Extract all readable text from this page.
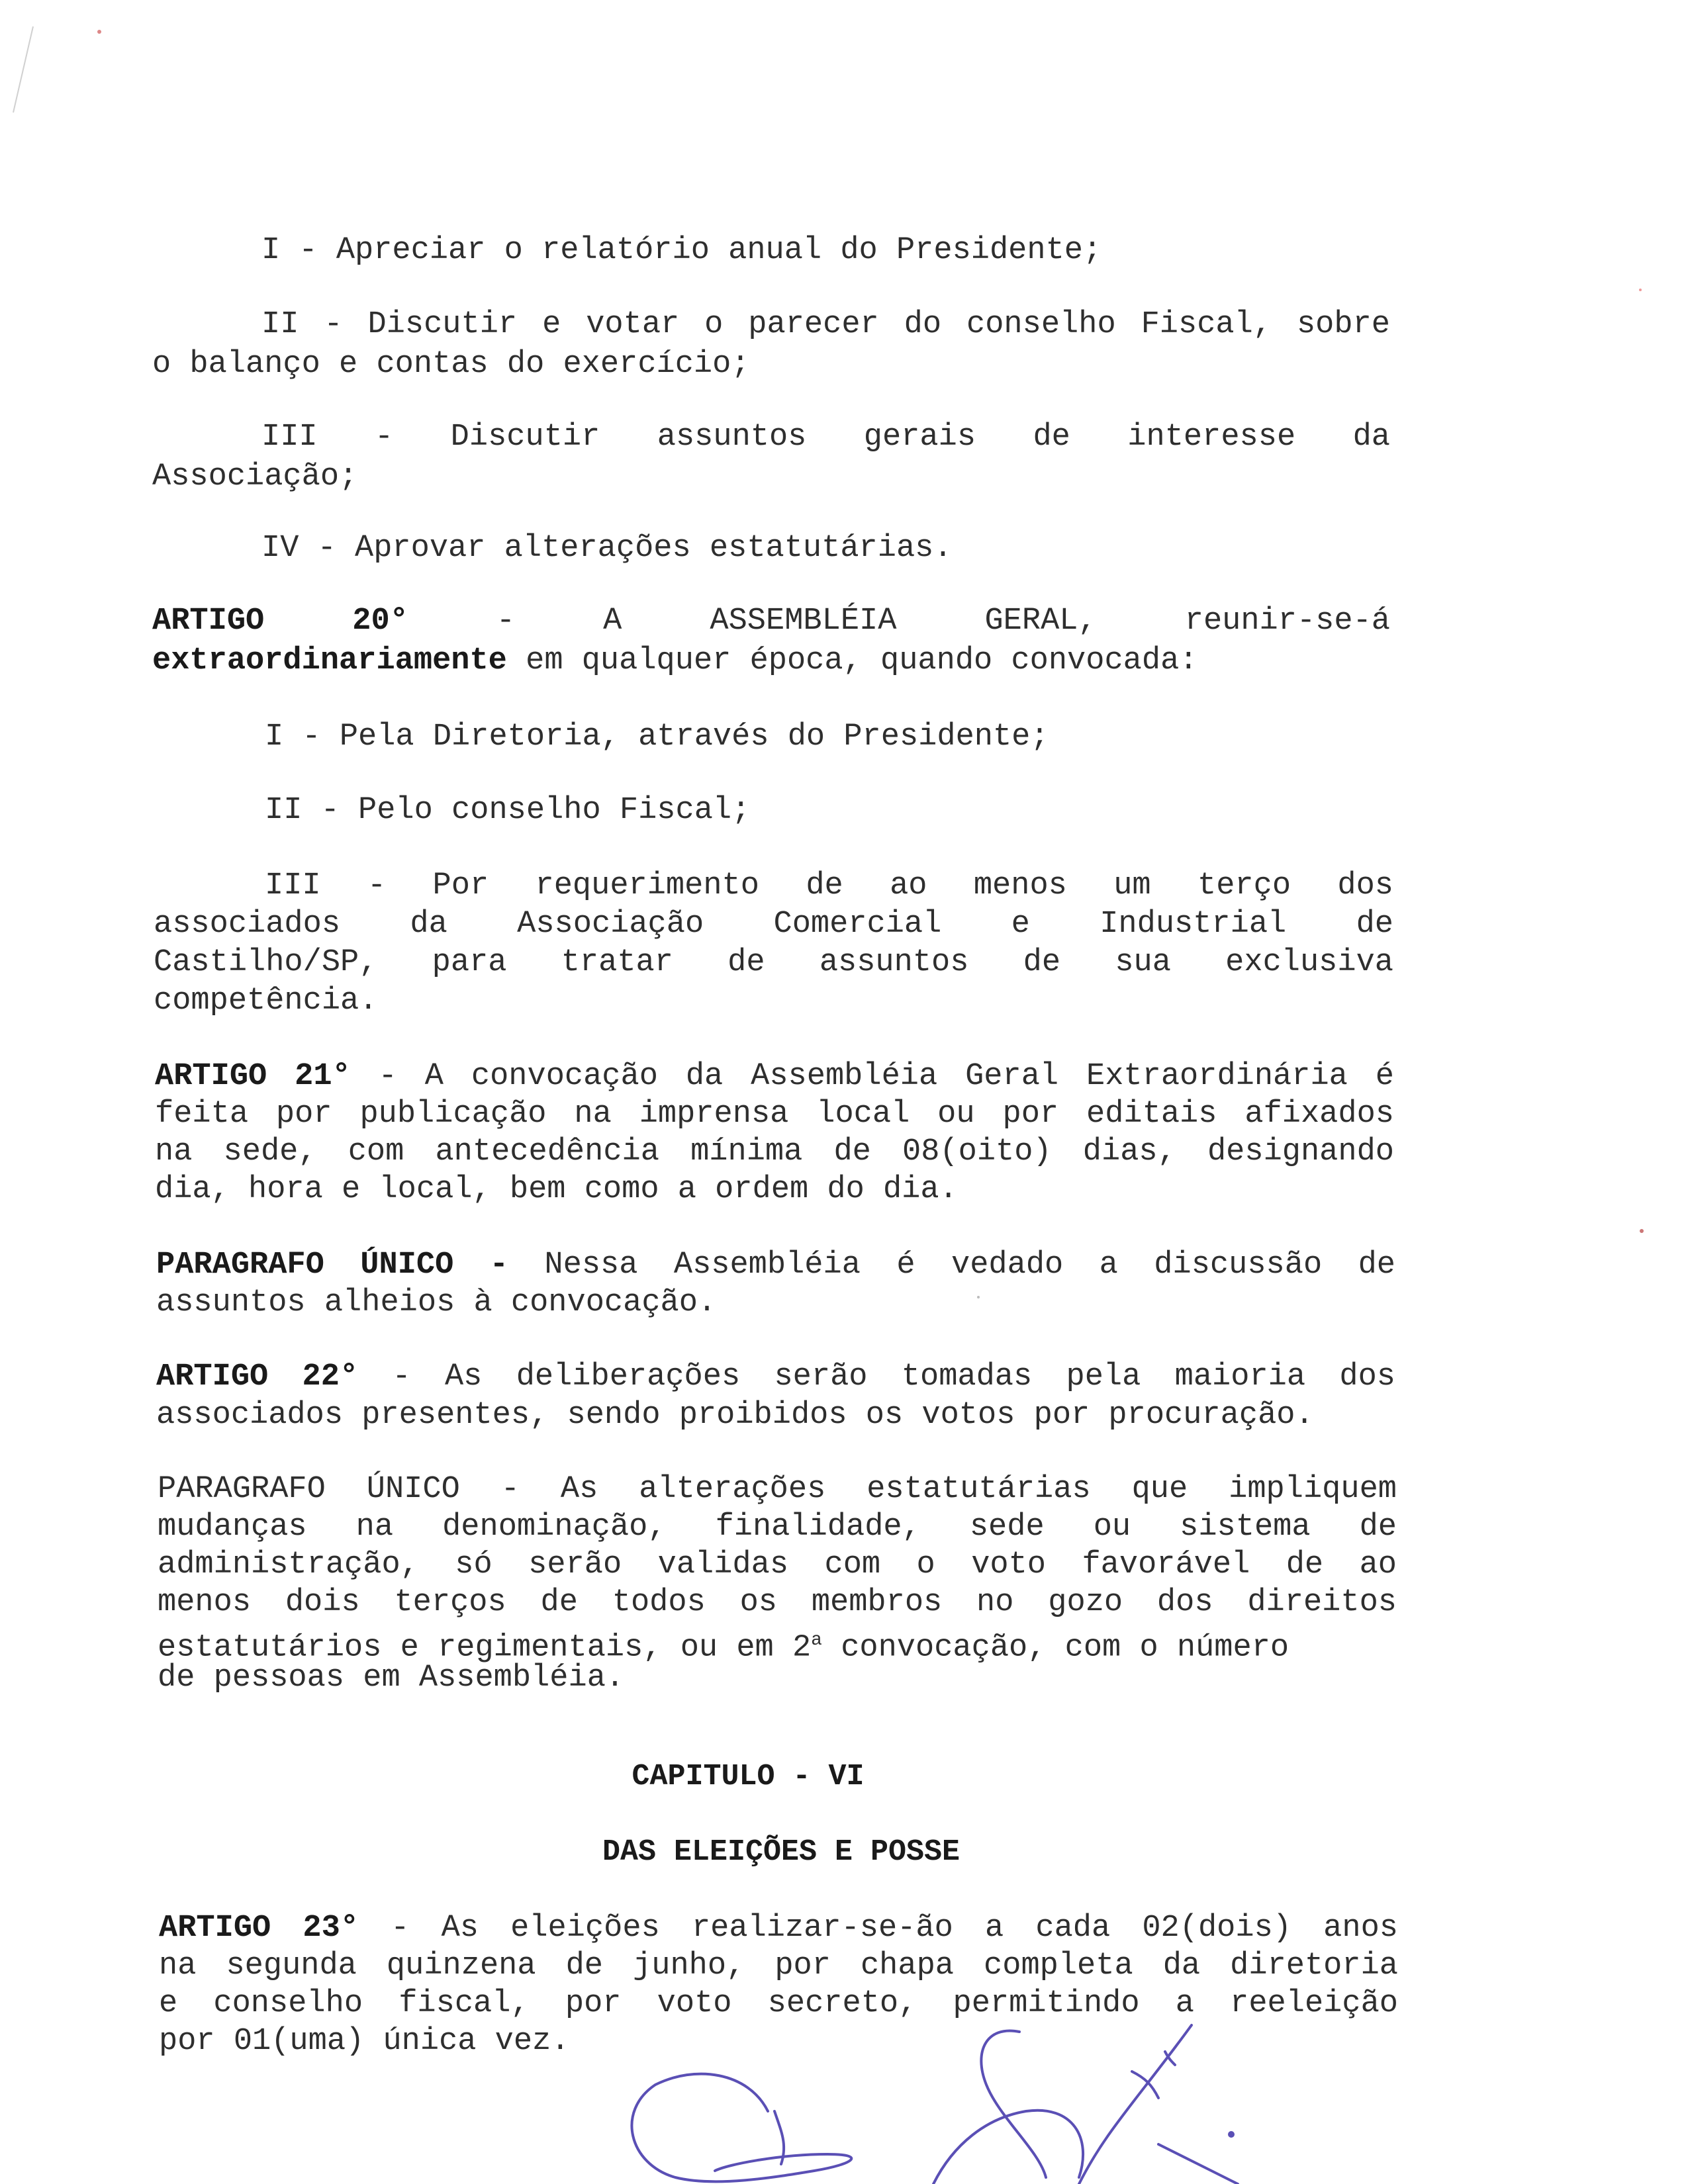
I - Apreciar o relatório anual do Presidente;

II - Discutir e votar o parecer do conselho Fiscal, sobre

o balanço e contas do exercício;

III - Discutir assuntos gerais de interesse da

Associação;

IV - Aprovar alterações estatutárias.

ARTIGO 20°	- A ASSEMBLÉIA GERAL, reunir-se-á
extraordinariamente em qualquer época, quando convocada:

I - Pela Diretoria, através do Presidente;

II - Pelo conselho Fiscal;

III - Por requerimento de ao menos um terço dos

associados da Associação Comercial e Industrial de

Castilho/SP, para tratar de assuntos de sua exclusiva

competência.

ARTIGO 21° - A convocação da Assembléia Geral Extraordinária é

feita por publicação na imprensa local ou por editais afixados

na sede, com antecedência mínima de 08(oito) dias, designando

dia, hora e local, bem como a ordem do dia.

PARAGRAFO ÚNICO - Nessa Assembléia é vedado a discussão de

assuntos alheios à convocação.

ARTIGO 22° - As deliberações serão tomadas pela maioria dos

associados presentes, sendo proibidos os votos por procuração.

PARAGRAFO ÚNICO - As alterações estatutárias que impliquem

mudanças na denominação, finalidade, sede ou sistema de

administração, só serão validas com o voto favorável de ao

menos dois terços de todos os membros no gozo dos direitos

estatutários e regimentais, ou em 2$^a$ convocação, com o número

de pessoas em Assembléia.

CAPITULO - VI

DAS ELEIÇÕES E POSSE

ARTIGO 23° - As eleições realizar-se-ão a cada 02(dois) anos

na segunda quinzena de junho, por chapa completa da diretoria

e conselho fiscal, por voto secreto, permitindo a reeleição

por 01(uma) única vez.
